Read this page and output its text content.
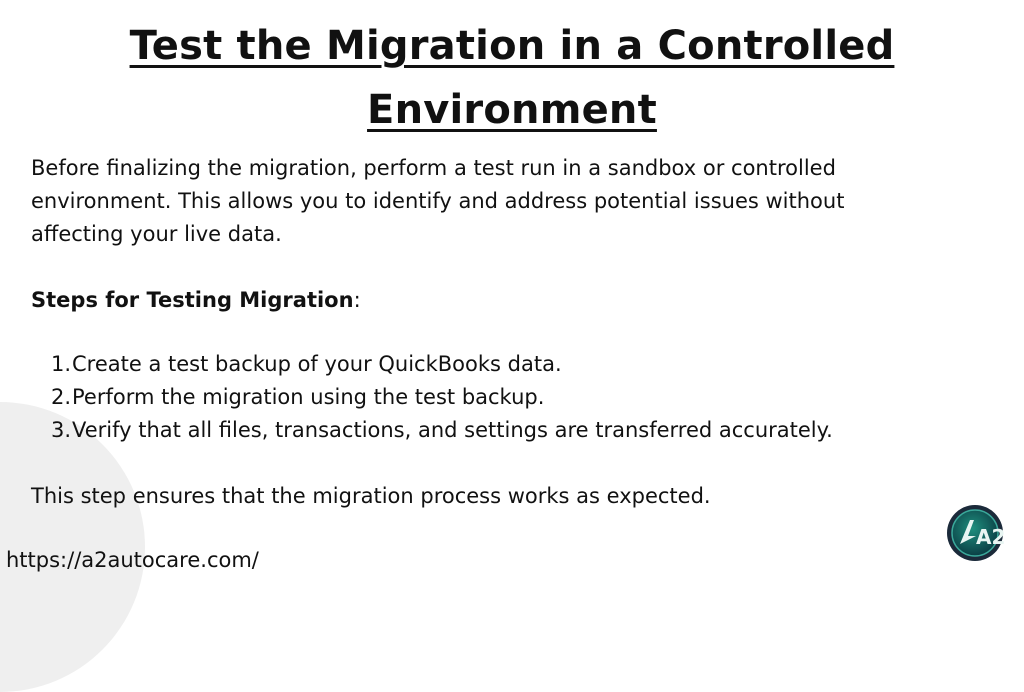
Test the Migration in a Controlled Environment

Before finalizing the migration, perform a test run in a sandbox or controlled environment. This allows you to identify and address potential issues without affecting your live data.

Steps for Testing Migration:

1. Create a test backup of your QuickBooks data.
2. Perform the migration using the test backup.
3. Verify that all files, transactions, and settings are transferred accurately.

This step ensures that the migration process works as expected.

https://a2autocare.com/

A2
